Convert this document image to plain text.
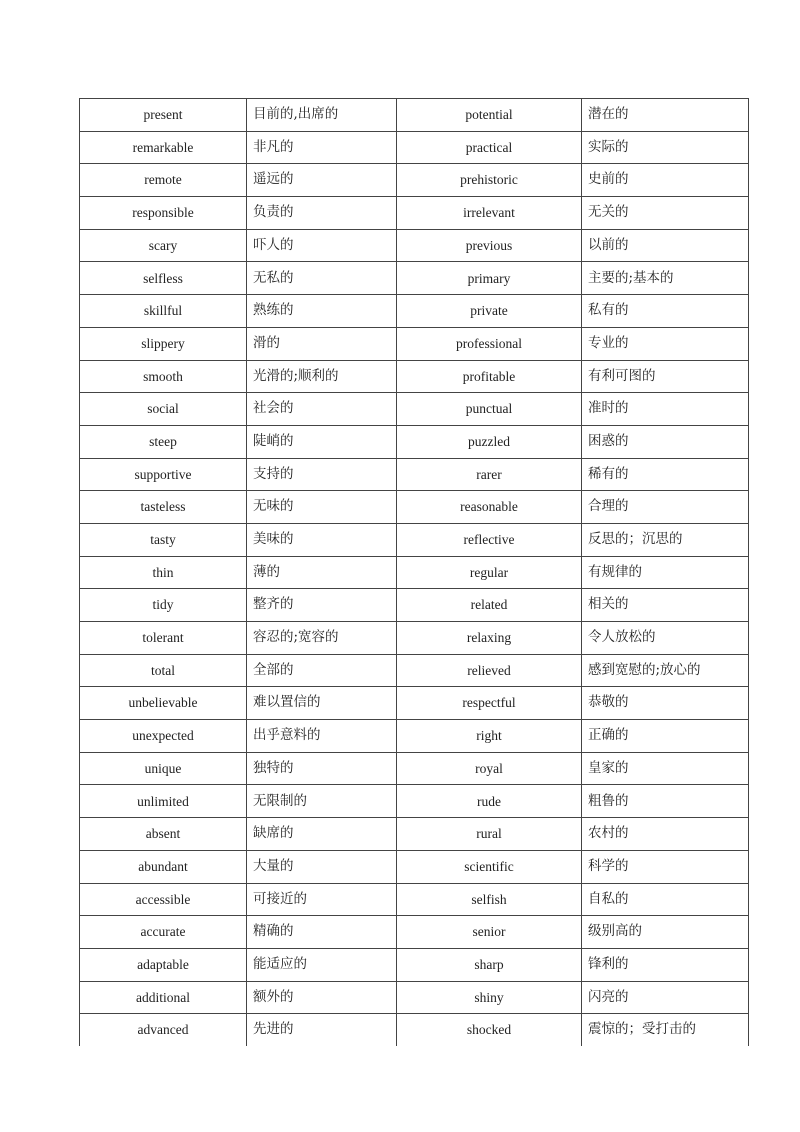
present	目前的,出席的	potential	潜在的
remarkable	非凡的	practical	实际的
remote	遥远的	prehistoric	史前的
responsible	负责的	irrelevant	无关的
scary	吓人的	previous	以前的
selfless	无私的	primary	主要的;基本的
skillful	熟练的	private	私有的
slippery	滑的	professional	专业的
smooth	光滑的;顺利的	profitable	有利可图的
social	社会的	punctual	准时的
steep	陡峭的	puzzled	困惑的
supportive	支持的	rarer	稀有的
tasteless	无味的	reasonable	合理的
tasty	美味的	reflective	反思的；沉思的
thin	薄的	regular	有规律的
tidy	整齐的	related	相关的
tolerant	容忍的;宽容的	relaxing	令人放松的
total	全部的	relieved	感到宽慰的;放心的
unbelievable	难以置信的	respectful	恭敬的
unexpected	出乎意料的	right	正确的
unique	独特的	royal	皇家的
unlimited	无限制的	rude	粗鲁的
absent	缺席的	rural	农村的
abundant	大量的	scientific	科学的
accessible	可接近的	selfish	自私的
accurate	精确的	senior	级别高的
adaptable	能适应的	sharp	锋利的
additional	额外的	shiny	闪亮的
advanced	先进的	shocked	震惊的；受打击的
